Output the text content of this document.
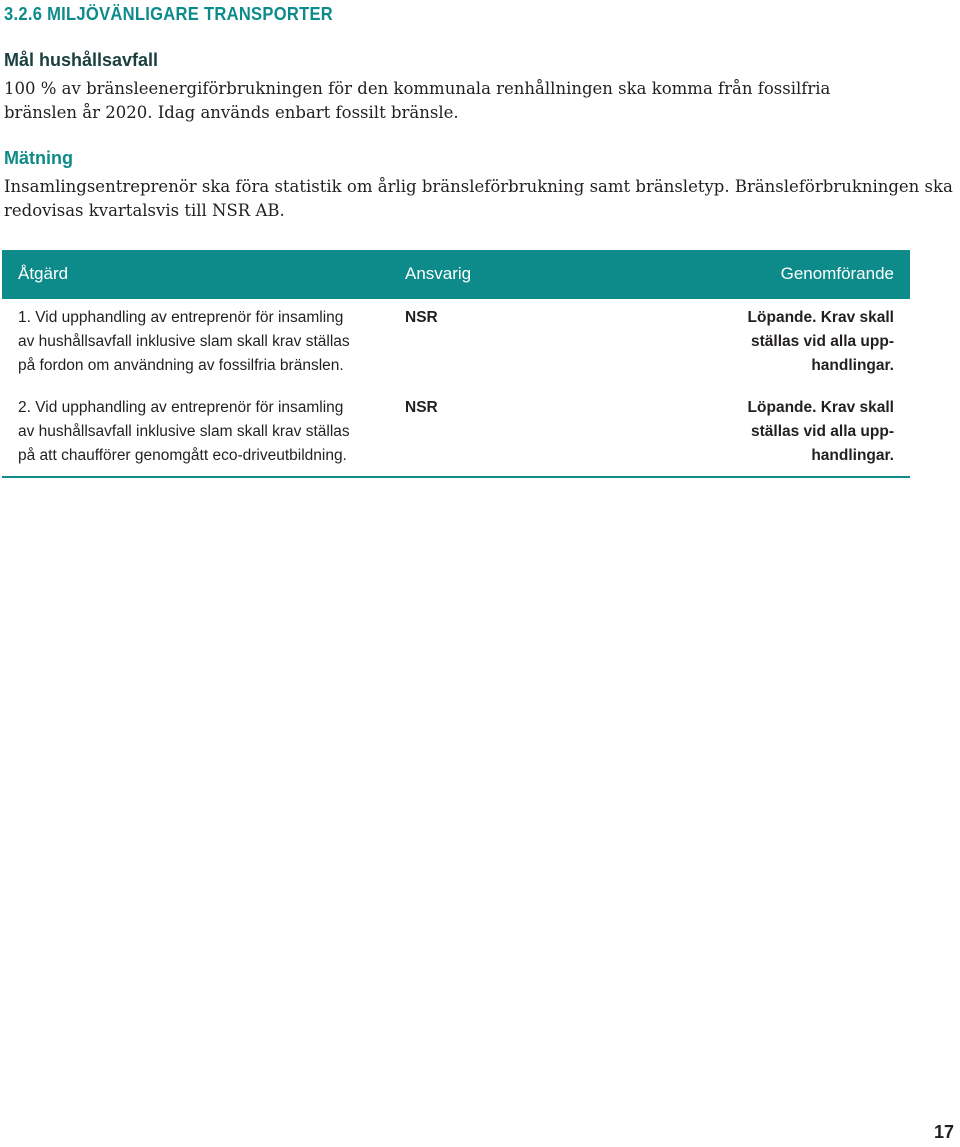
3.2.6 MILJÖVÄNLIGARE TRANSPORTER
Mål hushållsavfall
100 % av bränsleenergiförbrukningen för den kommunala renhållningen ska komma från fossilfria
bränslen år 2020. Idag används enbart fossilt bränsle.
Mätning
Insamlingsentreprenör ska föra statistik om årlig bränsleförbrukning samt bränsletyp. Bränsleförbrukningen ska
redovisas kvartalsvis till NSR AB.
Åtgärd	Ansvarig	Genomförande
1. Vid upphandling av entreprenör för insamling
av hushållsavfall inklusive slam skall krav ställas
på fordon om användning av fossilfria bränslen.
NSR	Löpande. Krav skall
ställas vid alla upp-
handlingar.
2. Vid upphandling av entreprenör för insamling
av hushållsavfall inklusive slam skall krav ställas
på att chaufförer genomgått eco-driveutbildning.
NSR	Löpande. Krav skall
ställas vid alla upp-
handlingar.
17
